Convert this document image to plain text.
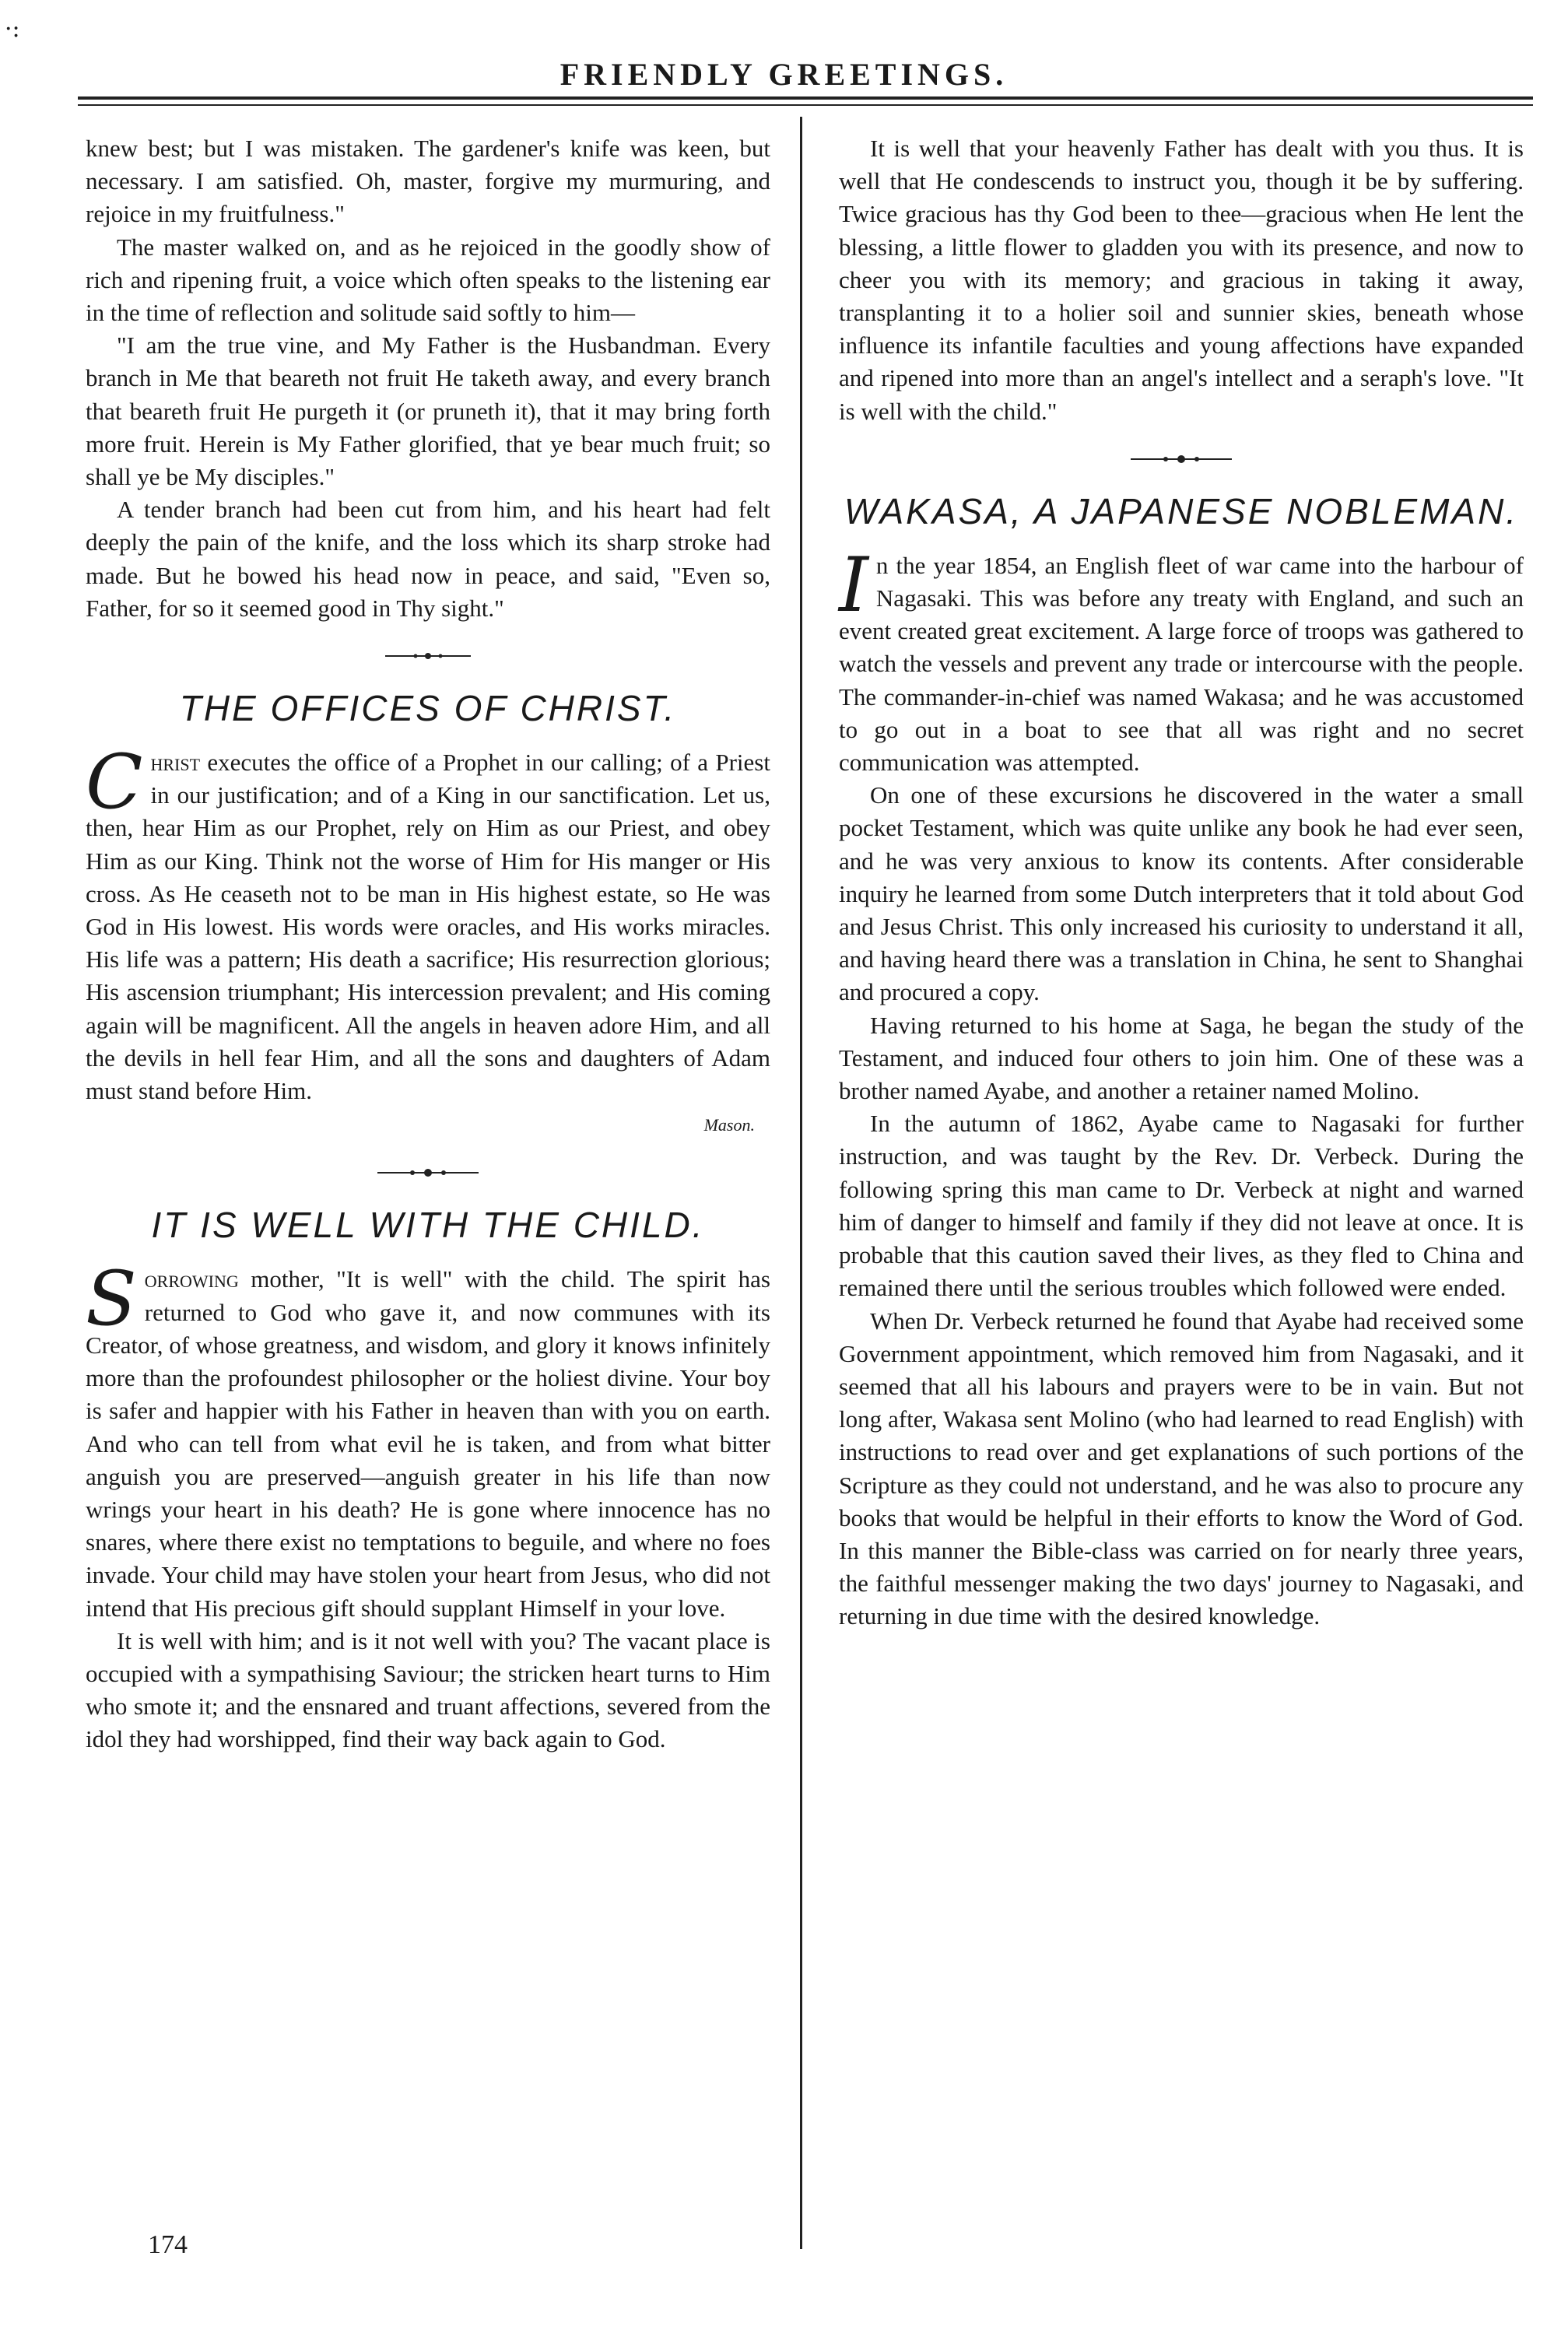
·:
FRIENDLY GREETINGS.

knew best; but I was mistaken. The gardener's knife was keen, but necessary. I am satisfied. Oh, master, forgive my murmuring, and rejoice in my fruitfulness."

The master walked on, and as he rejoiced in the goodly show of rich and ripening fruit, a voice which often speaks to the listening ear in the time of reflection and solitude said softly to him—

"I am the true vine, and My Father is the Husbandman. Every branch in Me that beareth not fruit He taketh away, and every branch that beareth fruit He purgeth it (or pruneth it), that it may bring forth more fruit. Herein is My Father glorified, that ye bear much fruit; so shall ye be My disciples."

A tender branch had been cut from him, and his heart had felt deeply the pain of the knife, and the loss which its sharp stroke had made. But he bowed his head now in peace, and said, "Even so, Father, for so it seemed good in Thy sight."

THE OFFICES OF CHRIST.

Christ executes the office of a Prophet in our calling; of a Priest in our justification; and of a King in our sanctification. Let us, then, hear Him as our Prophet, rely on Him as our Priest, and obey Him as our King. Think not the worse of Him for His manger or His cross. As He ceaseth not to be man in His highest estate, so He was God in His lowest. His words were oracles, and His works miracles. His life was a pattern; His death a sacrifice; His resurrection glorious; His ascension triumphant; His intercession prevalent; and His coming again will be magnificent. All the angels in heaven adore Him, and all the devils in hell fear Him, and all the sons and daughters of Adam must stand before Him.

Mason.
IT IS WELL WITH THE CHILD.

Sorrowing mother, "It is well" with the child. The spirit has returned to God who gave it, and now communes with its Creator, of whose greatness, and wisdom, and glory it knows infinitely more than the profoundest philosopher or the holiest divine. Your boy is safer and happier with his Father in heaven than with you on earth. And who can tell from what evil he is taken, and from what bitter anguish you are preserved—anguish greater in his life than now wrings your heart in his death? He is gone where innocence has no snares, where there exist no temptations to beguile, and where no foes invade. Your child may have stolen your heart from Jesus, who did not intend that His precious gift should supplant Himself in your love.

It is well with him; and is it not well with you? The vacant place is occupied with a sympathising Saviour; the stricken heart turns to Him who smote it; and the ensnared and truant affections, severed from the idol they had worshipped, find their way back again to God.

It is well that your heavenly Father has dealt with you thus. It is well that He condescends to instruct you, though it be by suffering. Twice gracious has thy God been to thee—gracious when He lent the blessing, a little flower to gladden you with its presence, and now to cheer you with its memory; and gracious in taking it away, transplanting it to a holier soil and sunnier skies, beneath whose influence its infantile faculties and young affections have expanded and ripened into more than an angel's intellect and a seraph's love. "It is well with the child."

WAKASA, A JAPANESE NOBLEMAN.

In the year 1854, an English fleet of war came into the harbour of Nagasaki. This was before any treaty with England, and such an event created great excitement. A large force of troops was gathered to watch the vessels and prevent any trade or intercourse with the people. The commander-in-chief was named Wakasa; and he was accustomed to go out in a boat to see that all was right and no secret communication was attempted.

On one of these excursions he discovered in the water a small pocket Testament, which was quite unlike any book he had ever seen, and he was very anxious to know its contents. After considerable inquiry he learned from some Dutch interpreters that it told about God and Jesus Christ. This only increased his curiosity to understand it all, and having heard there was a translation in China, he sent to Shanghai and procured a copy.

Having returned to his home at Saga, he began the study of the Testament, and induced four others to join him. One of these was a brother named Ayabe, and another a retainer named Molino.

In the autumn of 1862, Ayabe came to Nagasaki for further instruction, and was taught by the Rev. Dr. Verbeck. During the following spring this man came to Dr. Verbeck at night and warned him of danger to himself and family if they did not leave at once. It is probable that this caution saved their lives, as they fled to China and remained there until the serious troubles which followed were ended.

When Dr. Verbeck returned he found that Ayabe had received some Government appointment, which removed him from Nagasaki, and it seemed that all his labours and prayers were to be in vain. But not long after, Wakasa sent Molino (who had learned to read English) with instructions to read over and get explanations of such portions of the Scripture as they could not understand, and he was also to procure any books that would be helpful in their efforts to know the Word of God. In this manner the Bible-class was carried on for nearly three years, the faithful messenger making the two days' journey to Nagasaki, and returning in due time with the desired knowledge.

174
